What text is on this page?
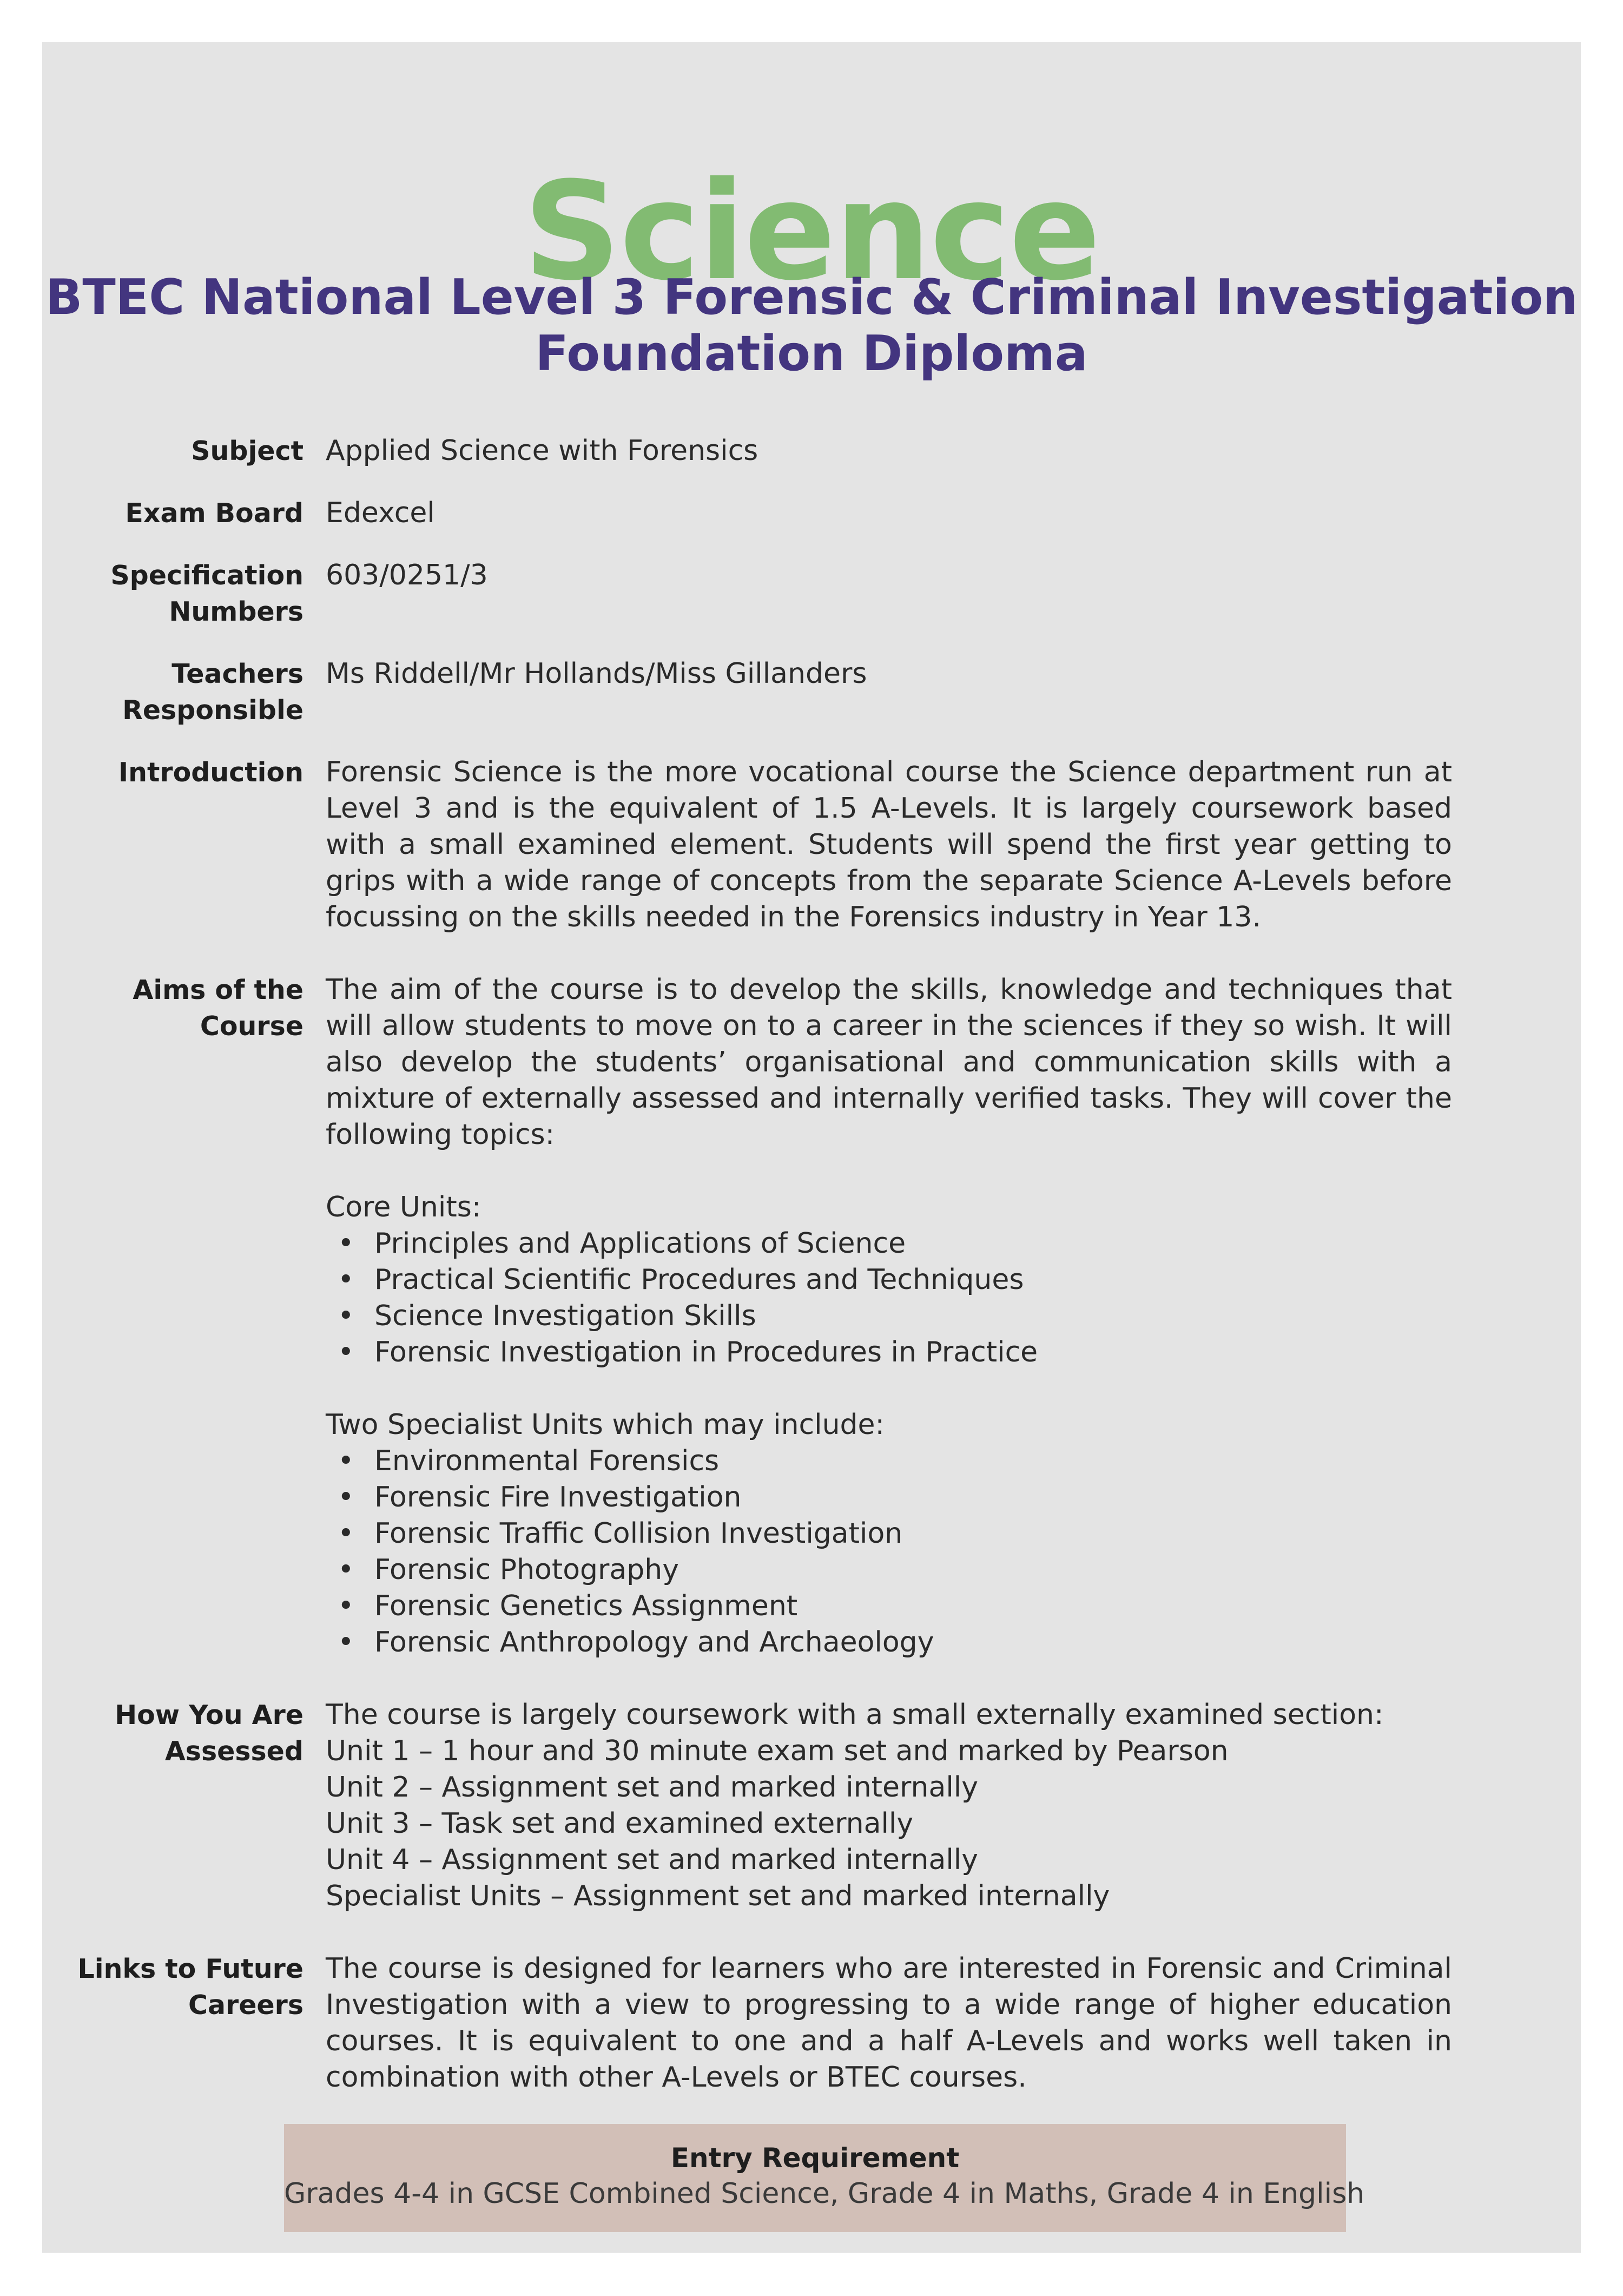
Science
BTEC National Level 3 Forensic & Criminal Investigation
Foundation Diploma
Subject Applied Science with Forensics
Exam Board Edexcel
Specification
Numbers
603/0251/3
Teachers
Responsible
Ms Riddell/Mr Hollands/Miss Gillanders
Introduction Forensic Science is the more vocational course the Science department run at Level 3 and is the equivalent of 1.5 A-Levels. It is largely coursework based with a small examined element. Students will spend the first year getting to grips with a wide range of concepts from the separate Science A-Levels before focussing on the skills needed in the Forensics industry in Year 13.
Aims of the
Course
The aim of the course is to develop the skills, knowledge and techniques that will allow students to move on to a career in the sciences if they so wish. It will also develop the students’ organisational and communication skills with a mixture of externally assessed and internally verified tasks. They will cover the following topics:
Core Units:
• Principles and Applications of Science
• Practical Scientific Procedures and Techniques
• Science Investigation Skills
• Forensic Investigation in Procedures in Practice
Two Specialist Units which may include:
• Environmental Forensics
• Forensic Fire Investigation
• Forensic Traffic Collision Investigation
• Forensic Photography
• Forensic Genetics Assignment
• Forensic Anthropology and Archaeology
How You Are
Assessed
The course is largely coursework with a small externally examined section:
Unit 1 – 1 hour and 30 minute exam set and marked by Pearson
Unit 2 – Assignment set and marked internally
Unit 3 – Task set and examined externally
Unit 4 – Assignment set and marked internally
Specialist Units – Assignment set and marked internally
Links to Future
Careers
The course is designed for learners who are interested in Forensic and Criminal Investigation with a view to progressing to a wide range of higher education courses. It is equivalent to one and a half A-Levels and works well taken in combination with other A-Levels or BTEC courses.
Entry Requirement
Grades 4-4 in GCSE Combined Science, Grade 4 in Maths, Grade 4 in English
